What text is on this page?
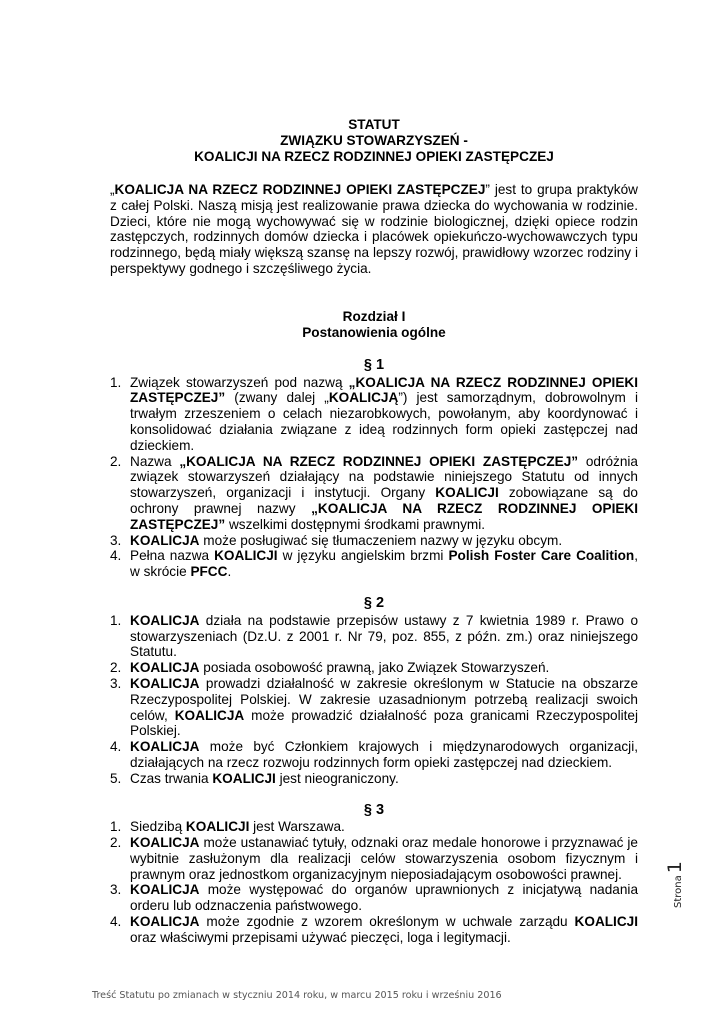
STATUT
ZWIĄZKU STOWARZYSZEŃ -
KOALICJI NA RZECZ RODZINNEJ OPIEKI ZASTĘPCZEJ
„KOALICJA NA RZECZ RODZINNEJ OPIEKI ZASTĘPCZEJ” jest to grupa praktyków z całej Polski. Naszą misją jest realizowanie prawa dziecka do wychowania w rodzinie. Dzieci, które nie mogą wychowywać się w rodzinie biologicznej, dzięki opiece rodzin zastępczych, rodzinnych domów dziecka i placówek opiekuńczo-wychowawczych typu rodzinnego, będą miały większą szansę na lepszy rozwój, prawidłowy wzorzec rodziny i perspektywy godnego i szczęśliwego życia.
Rozdział I
Postanowienia ogólne
§ 1
1. Związek stowarzyszeń pod nazwą „KOALICJA NA RZECZ RODZINNEJ OPIEKI ZASTĘPCZEJ” (zwany dalej „KOALICJĄ”) jest samorządnym, dobrowolnym i trwałym zrzeszeniem o celach niezarobkowych, powołanym, aby koordynować i konsolidować działania związane z ideą rodzinnych form opieki zastępczej nad dzieckiem.
2. Nazwa „KOALICJA NA RZECZ RODZINNEJ OPIEKI ZASTĘPCZEJ” odróżnia związek stowarzyszeń działający na podstawie niniejszego Statutu od innych stowarzyszeń, organizacji i instytucji. Organy KOALICJI zobowiązane są do ochrony prawnej nazwy „KOALICJA NA RZECZ RODZINNEJ OPIEKI ZASTĘPCZEJ” wszelkimi dostępnymi środkami prawnymi.
3. KOALICJA może posługiwać się tłumaczeniem nazwy w języku obcym.
4. Pełna nazwa KOALICJI w języku angielskim brzmi Polish Foster Care Coalition, w skrócie PFCC.
§ 2
1. KOALICJA działa na podstawie przepisów ustawy z 7 kwietnia 1989 r. Prawo o stowarzyszeniach (Dz.U. z 2001 r. Nr 79, poz. 855, z późn. zm.) oraz niniejszego Statutu.
2. KOALICJA posiada osobowość prawną, jako Związek Stowarzyszeń.
3. KOALICJA prowadzi działalność w zakresie określonym w Statucie na obszarze Rzeczypospolitej Polskiej. W zakresie uzasadnionym potrzebą realizacji swoich celów, KOALICJA może prowadzić działalność poza granicami Rzeczypospolitej Polskiej.
4. KOALICJA może być Członkiem krajowych i międzynarodowych organizacji, działających na rzecz rozwoju rodzinnych form opieki zastępczej nad dzieckiem.
5. Czas trwania KOALICJI jest nieograniczony.
§ 3
1. Siedzibą KOALICJI jest Warszawa.
2. KOALICJA może ustanawiać tytuły, odznaki oraz medale honorowe i przyznawać je wybitnie zasłużonym dla realizacji celów stowarzyszenia osobom fizycznym i prawnym oraz jednostkom organizacyjnym nieposiadającym osobowości prawnej.
3. KOALICJA może występować do organów uprawnionych z inicjatywą nadania orderu lub odznaczenia państwowego.
4. KOALICJA może zgodnie z wzorem określonym w uchwale zarządu KOALICJI oraz właściwymi przepisami używać pieczęci, loga i legitymacji.
Strona1
Treść Statutu po zmianach w styczniu 2014 roku, w marcu 2015 roku i wrześniu 2016
